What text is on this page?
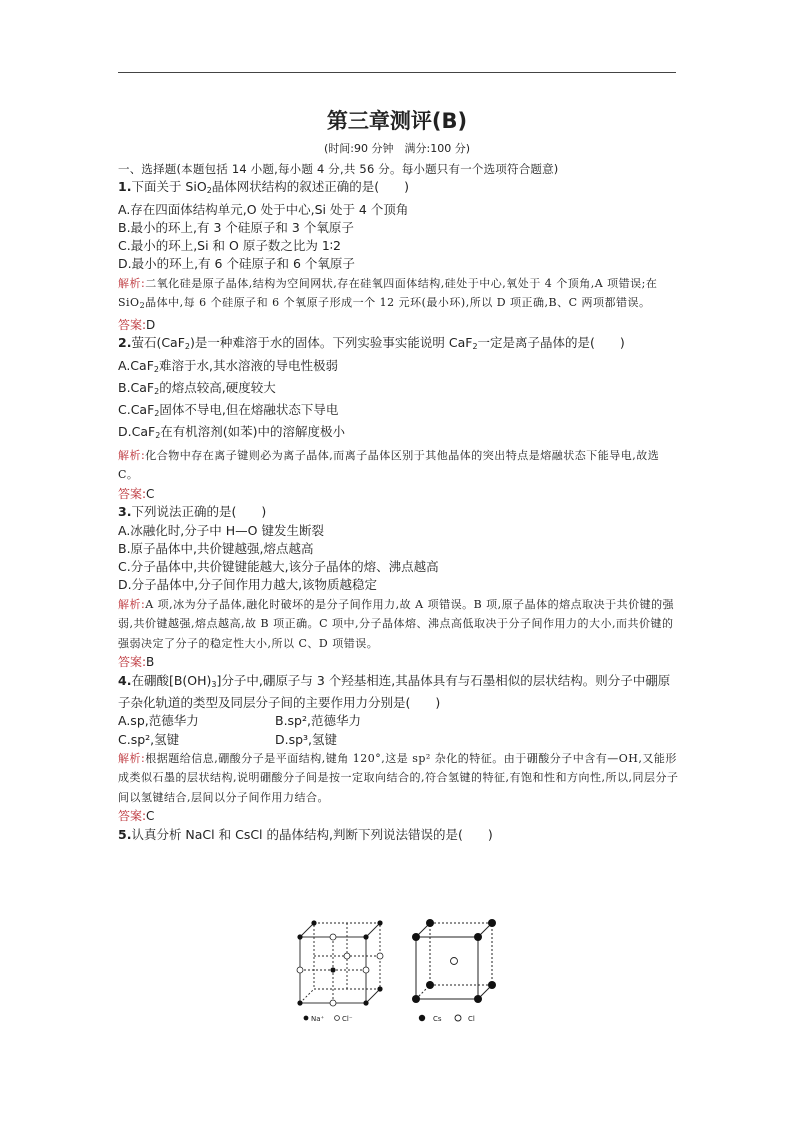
第三章测评(B)
(时间:90 分钟　满分:100 分)
一、选择题(本题包括 14 小题,每小题 4 分,共 56 分。每小题只有一个选项符合题意)
1.下面关于 SiO$_2$晶体网状结构的叙述正确的是(　　)
A.存在四面体结构单元,O 处于中心,Si 处于 4 个顶角
B.最小的环上,有 3 个硅原子和 3 个氧原子
C.最小的环上,Si 和 O 原子数之比为 1∶2
D.最小的环上,有 6 个硅原子和 6 个氧原子
解析:二氧化硅是原子晶体,结构为空间网状,存在硅氧四面体结构,硅处于中心,氧处于 4 个顶角,A 项错误;在 SiO$_2$晶体中,每 6 个硅原子和 6 个氧原子形成一个 12 元环(最小环),所以 D 项正确,B、C 两项都错误。
答案:D
2.萤石(CaF$_2$)是一种难溶于水的固体。下列实验事实能说明 CaF$_2$一定是离子晶体的是(　　)
A.CaF$_2$难溶于水,其水溶液的导电性极弱
B.CaF$_2$的熔点较高,硬度较大
C.CaF$_2$固体不导电,但在熔融状态下导电
D.CaF$_2$在有机溶剂(如苯)中的溶解度极小
解析:化合物中存在离子键则必为离子晶体,而离子晶体区别于其他晶体的突出特点是熔融状态下能导电,故选 C。
答案:C
3.下列说法正确的是(　　)
A.冰融化时,分子中 H—O 键发生断裂
B.原子晶体中,共价键越强,熔点越高
C.分子晶体中,共价键键能越大,该分子晶体的熔、沸点越高
D.分子晶体中,分子间作用力越大,该物质越稳定
解析:A 项,冰为分子晶体,融化时破坏的是分子间作用力,故 A 项错误。B 项,原子晶体的熔点取决于共价键的强弱,共价键越强,熔点越高,故 B 项正确。C 项中,分子晶体熔、沸点高低取决于分子间作用力的大小,而共价键的强弱决定了分子的稳定性大小,所以 C、D 项错误。
答案:B
4.在硼酸$[B(OH)_3]$分子中,硼原子与 3 个羟基相连,其晶体具有与石墨相似的层状结构。则分子中硼原子杂化轨道的类型及同层分子间的主要作用力分别是(　　)
A.sp,范德华力	B.sp²,范德华力
C.sp²,氢键	D.sp³,氢键
解析:根据题给信息,硼酸分子是平面结构,键角 120°,这是 sp² 杂化的特征。由于硼酸分子中含有—OH,又能形成类似石墨的层状结构,说明硼酸分子间是按一定取向结合的,符合氢键的特征,有饱和性和方向性,所以,同层分子间以氢键结合,层间以分子间作用力结合。
答案:C
5.认真分析 NaCl 和 CsCl 的晶体结构,判断下列说法错误的是(　　)
Na⁺	Cl⁻	Cs	Cl
